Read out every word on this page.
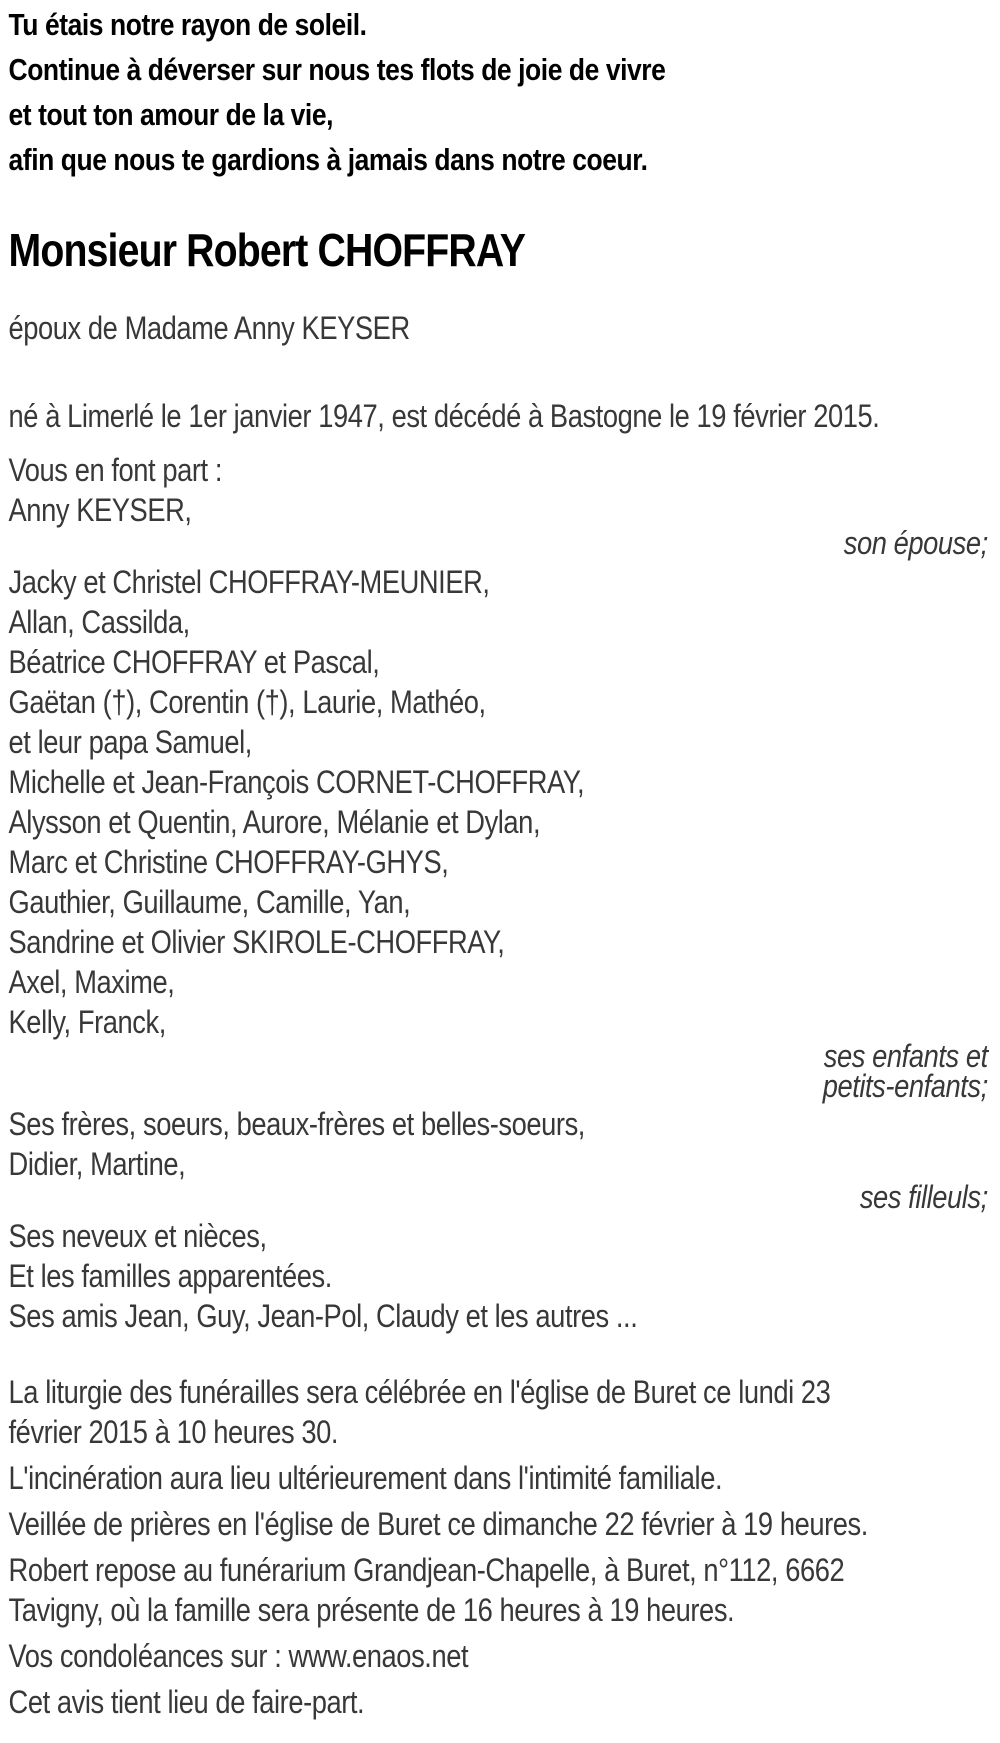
Tu étais notre rayon de soleil.
Continue à déverser sur nous tes flots de joie de vivre
et tout ton amour de la vie,
afin que nous te gardions à jamais dans notre coeur.
Monsieur Robert CHOFFRAY
époux de Madame Anny KEYSER
né à Limerlé le 1er janvier 1947, est décédé à Bastogne le 19 février 2015.
Vous en font part :
Anny KEYSER,
son épouse;
Jacky et Christel CHOFFRAY-MEUNIER,
Allan, Cassilda,
Béatrice CHOFFRAY et Pascal,
Gaëtan (†), Corentin (†), Laurie, Mathéo,
et leur papa Samuel,
Michelle et Jean-François CORNET-CHOFFRAY,
Alysson et Quentin, Aurore, Mélanie et Dylan,
Marc et Christine CHOFFRAY-GHYS,
Gauthier, Guillaume, Camille, Yan,
Sandrine et Olivier SKIROLE-CHOFFRAY,
Axel, Maxime,
Kelly, Franck,
ses enfants et
petits-enfants;
Ses frères, soeurs, beaux-frères et belles-soeurs,
Didier, Martine,
ses filleuls;
Ses neveux et nièces,
Et les familles apparentées.
Ses amis Jean, Guy, Jean-Pol, Claudy et les autres ...
La liturgie des funérailles sera célébrée en l'église de Buret ce lundi 23
février 2015 à 10 heures 30.
L'incinération aura lieu ultérieurement dans l'intimité familiale.
Veillée de prières en l'église de Buret ce dimanche 22 février à 19 heures.
Robert repose au funérarium Grandjean-Chapelle, à Buret, n°112, 6662
Tavigny, où la famille sera présente de 16 heures à 19 heures.
Vos condoléances sur : www.enaos.net
Cet avis tient lieu de faire-part.
